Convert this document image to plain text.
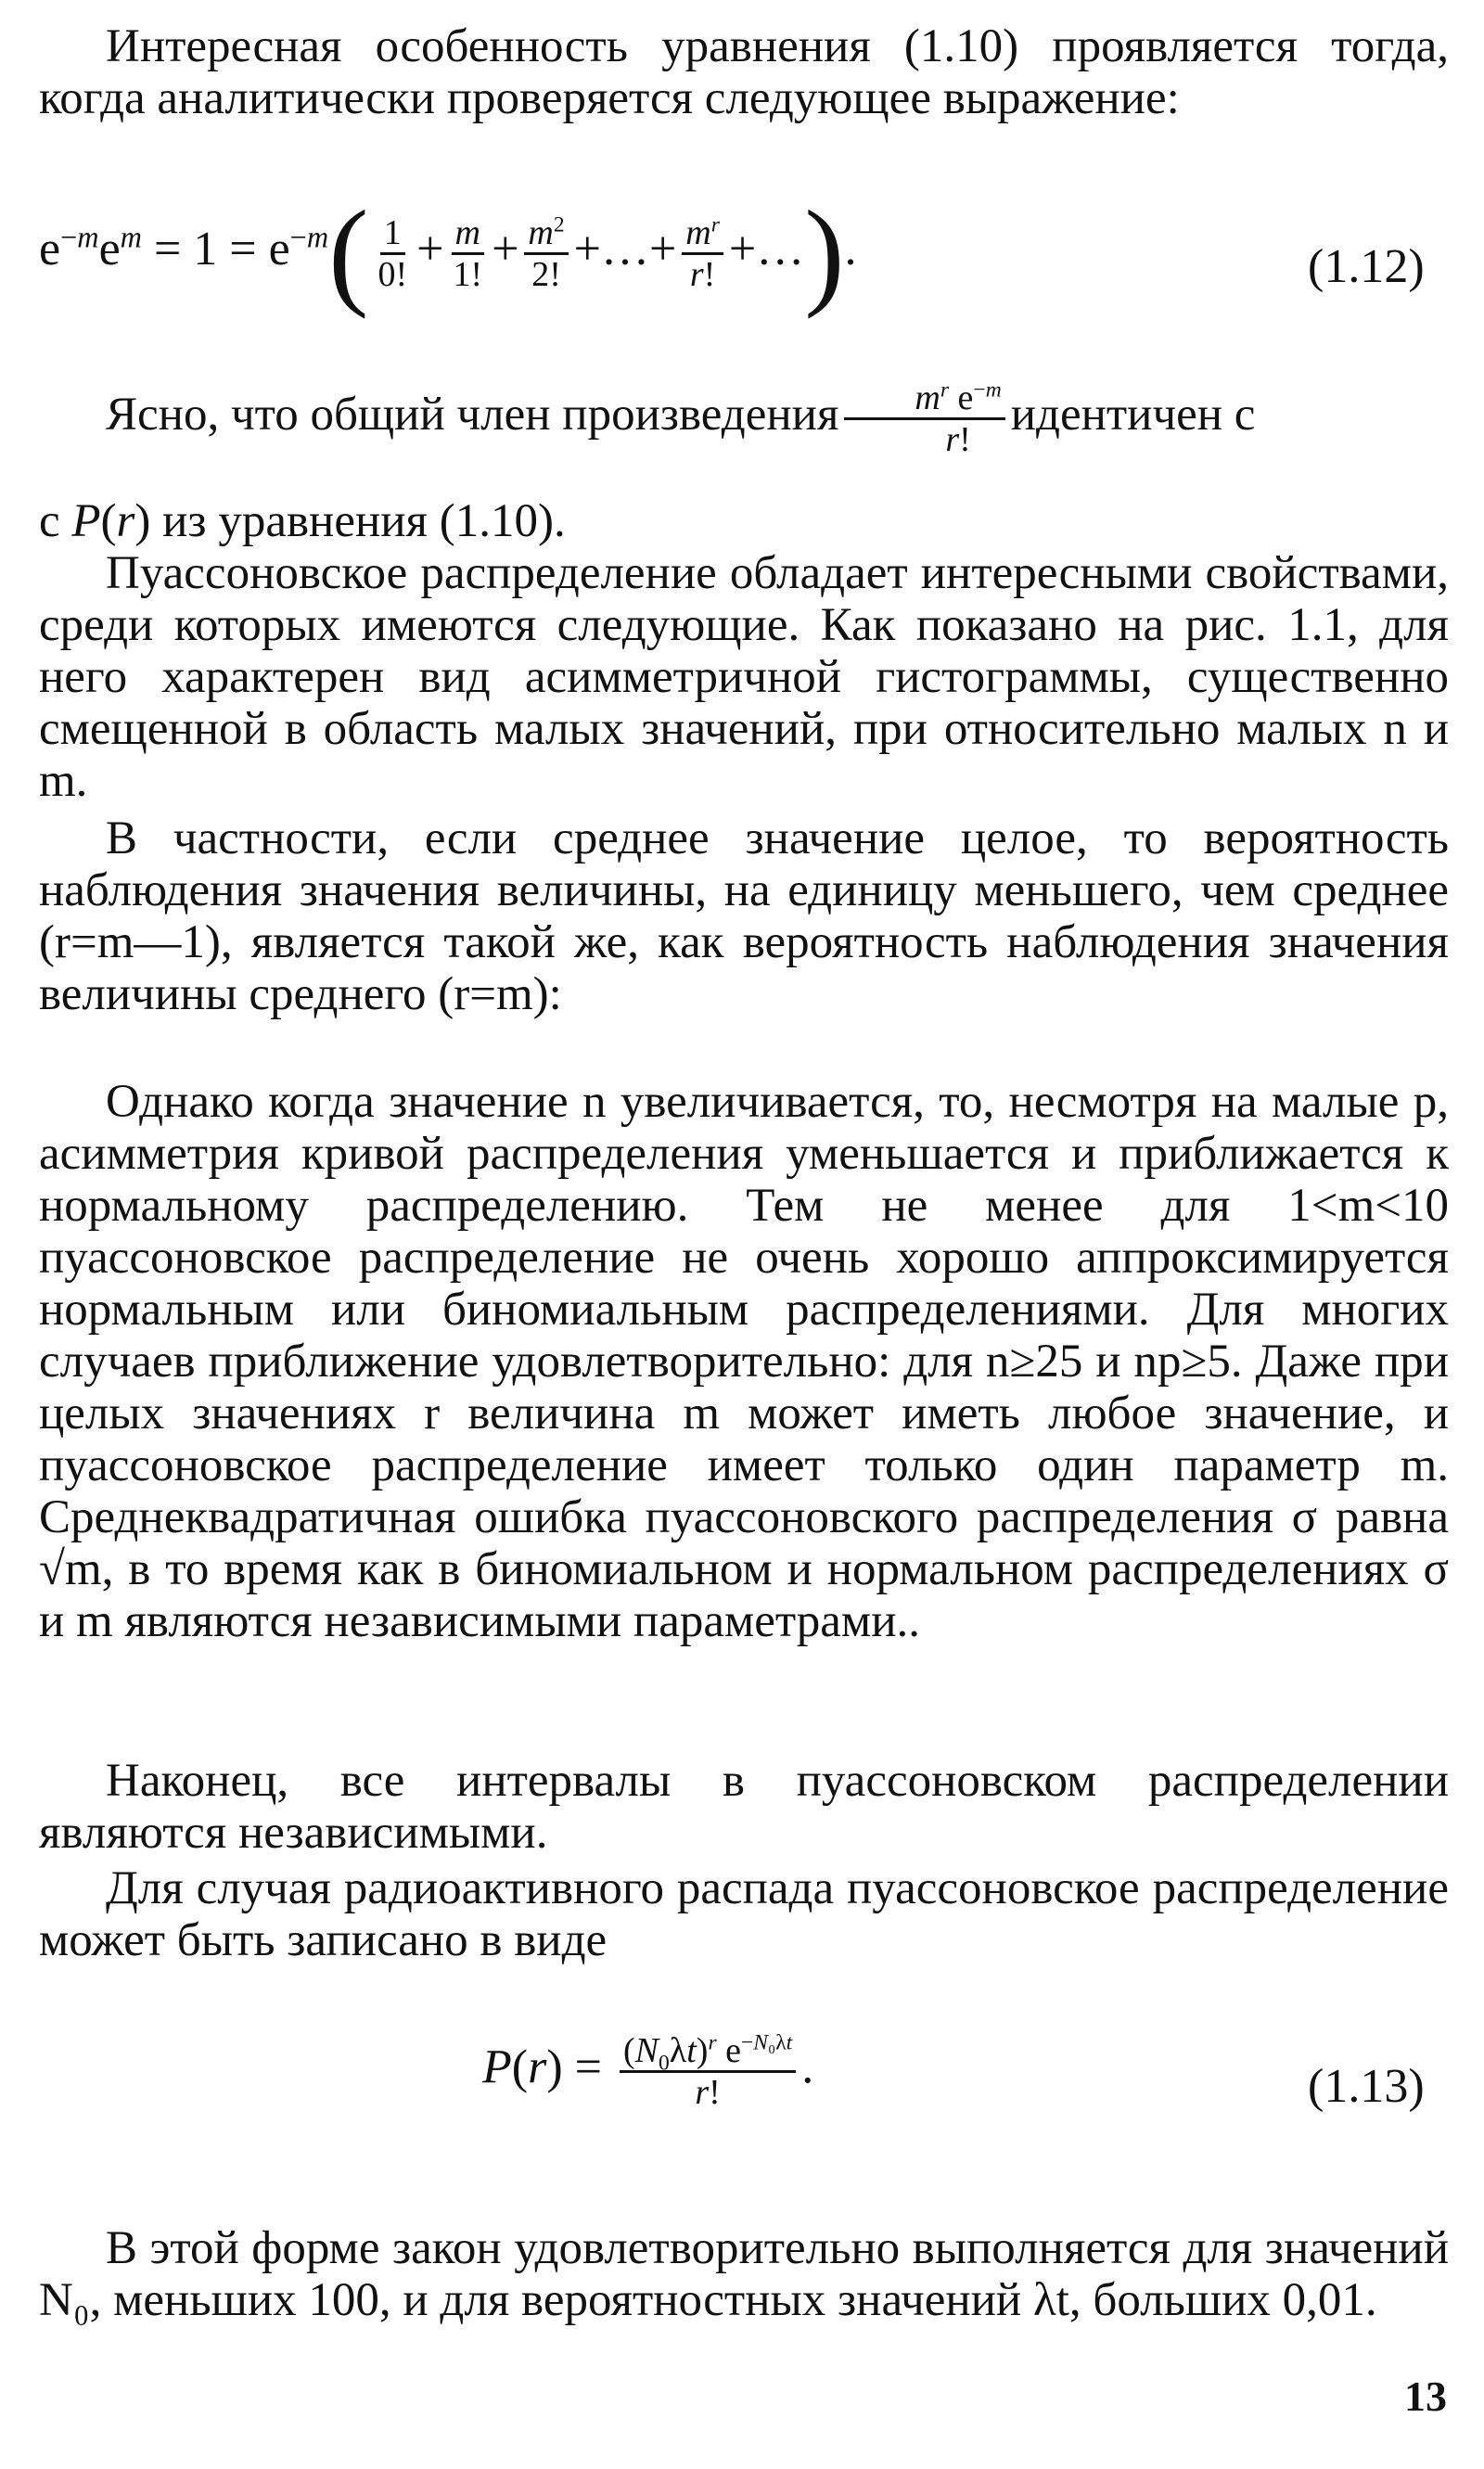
Интересная особенность уравнения (1.10) проявляется тогда, когда аналитически проверяется следующее выражение:

$e^{-m}e^m = 1 = e^{-m}( \frac{1}{0!} + \frac{m}{1!} + \frac{m^2}{2!}$ +…+ $\frac{m^r}{r!}$ +…).	(1.12)
Ясно, что общий член произведения $\frac{m^r e^{-m}}{r!}$ идентичен с
с P(r) из уравнения (1.10).

Пуассоновское распределение обладает интересными свойствами, среди которых имеются следующие. Как показано на рис. 1.1, для него характерен вид асимметричной гистограммы, существенно смещенной в область малых значений, при относительно малых n и m.

В частности, если среднее значение целое, то вероятность наблюдения значения величины, на единицу меньшего, чем среднее (r=m—1), является такой же, как вероятность наблюдения значения величины среднего (r=m):

Однако когда значение n увеличивается, то, несмотря на малые p, асимметрия кривой распределения уменьшается и приближается к нормальному распределению. Тем не менее для 1<m<10 пуассоновское распределение не очень хорошо аппроксимируется нормальным или биномиальным распределениями. Для многих случаев приближение удовлетворительно: для n≥25 и np≥5. Даже при целых значениях r величина m может иметь любое значение, и пуассоновское распределение имеет только один параметр m. Среднеквадратичная ошибка пуассоновского распределения σ равна √m, в то время как в биномиальном и нормальном распределениях σ и m являются независимыми параметрами..

Наконец, все интервалы в пуассоновском распределении являются независимыми.

Для случая радиоактивного распада пуассоновское распределение может быть записано в виде

$P(r) = \frac{(N_0\lambda t)^r e^{-N_0\lambda t}}{r!}$ .	(1.13)

В этой форме закон удовлетворительно выполняется для значений N₀, меньших 100, и для вероятностных значений λt, больших 0,01.

13
